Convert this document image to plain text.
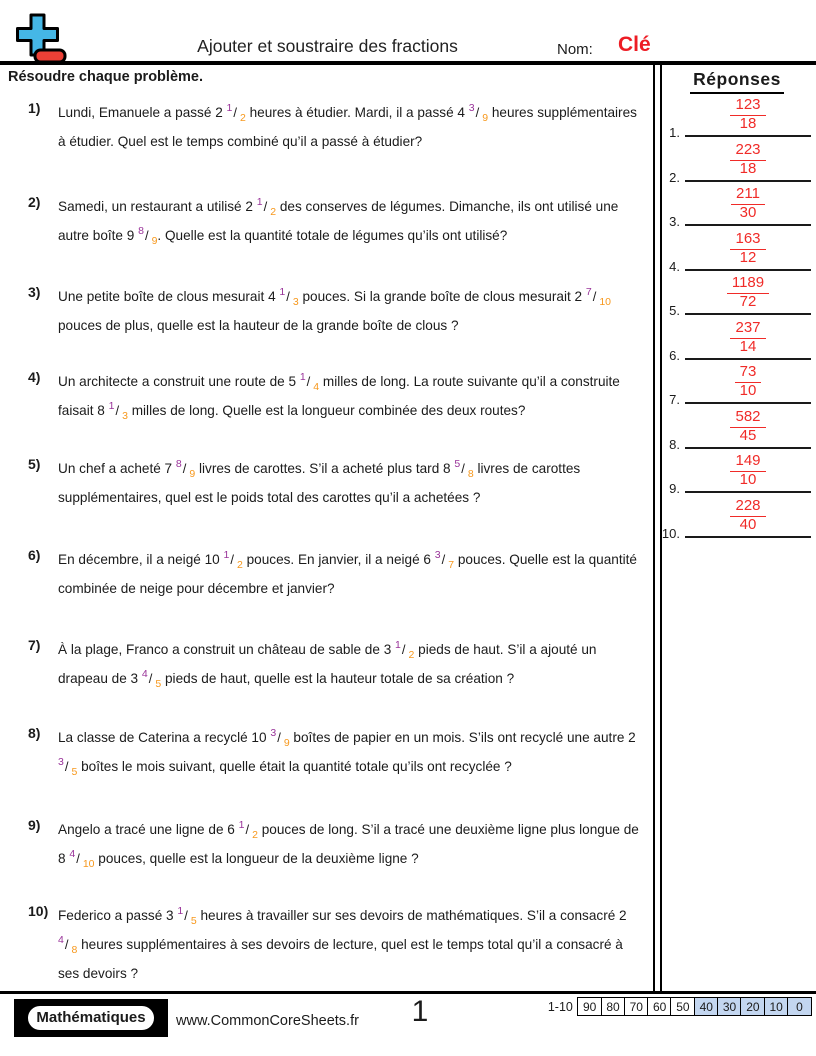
Ajouter et soustraire des fractions	Nom: Clé
Résoudre chaque problème.
1)	Lundi, Emanuele a passé 2 $^1$/ $_2$ heures à étudier. Mardi, il a passé 4 $^3$/ $_9$ heures supplémentaires à étudier. Quel est le temps combiné qu’il a passé à étudier?
2)	Samedi, un restaurant a utilisé 2 $^1$/ $_2$ des conserves de légumes. Dimanche, ils ont utilisé une autre boîte 9 $^8$/ $_9$. Quelle est la quantité totale de légumes qu’ils ont utilisé?
3)	Une petite boîte de clous mesurait 4 $^1$/ $_3$ pouces. Si la grande boîte de clous mesurait 2 $^7$/ $_{10}$ pouces de plus, quelle est la hauteur de la grande boîte de clous ?
4)	Un architecte a construit une route de 5 $^1$/ $_4$ milles de long. La route suivante qu’il a construite faisait 8 $^1$/ $_3$ milles de long. Quelle est la longueur combinée des deux routes?
5)	Un chef a acheté 7 $^8$/ $_9$ livres de carottes. S’il a acheté plus tard 8 $^5$/ $_8$ livres de carottes supplémentaires, quel est le poids total des carottes qu’il a achetées ?
6)	En décembre, il a neigé 10 $^1$/ $_2$ pouces. En janvier, il a neigé 6 $^3$/ $_7$ pouces. Quelle est la quantité combinée de neige pour décembre et janvier?
7)	À la plage, Franco a construit un château de sable de 3 $^1$/ $_2$ pieds de haut. S’il a ajouté un drapeau de 3 $^4$/ $_5$ pieds de haut, quelle est la hauteur totale de sa création ?
8)	La classe de Caterina a recyclé 10 $^3$/ $_9$ boîtes de papier en un mois. S’ils ont recyclé une autre 2 $^3$/ $_5$ boîtes le mois suivant, quelle était la quantité totale qu’ils ont recyclée ?
9)	Angelo a tracé une ligne de 6 $^1$/ $_2$ pouces de long. S’il a tracé une deuxième ligne plus longue de 8 $^4$/ $_{10}$ pouces, quelle est la longueur de la deuxième ligne ?
10) Federico a passé 3 $^1$/ $_5$ heures à travailler sur ses devoirs de mathématiques. S’il a consacré 2 $^4$/ $_8$ heures supplémentaires à ses devoirs de lecture, quel est le temps total qu’il a consacré à ses devoirs ?
Réponses
1.	$\frac{123}{18}$
2.	$\frac{223}{18}$
3.	$\frac{211}{30}$
4.	$\frac{163}{12}$
5.	$\frac{1189}{72}$
6.	$\frac{237}{14}$
7.	$\frac{73}{10}$
8.	$\frac{582}{45}$
9.	$\frac{149}{10}$
10.	$\frac{228}{40}$
Mathématiques	www.CommonCoreSheets.fr 1	1-10 90 80 70 60 50 40 30 20 10	0
